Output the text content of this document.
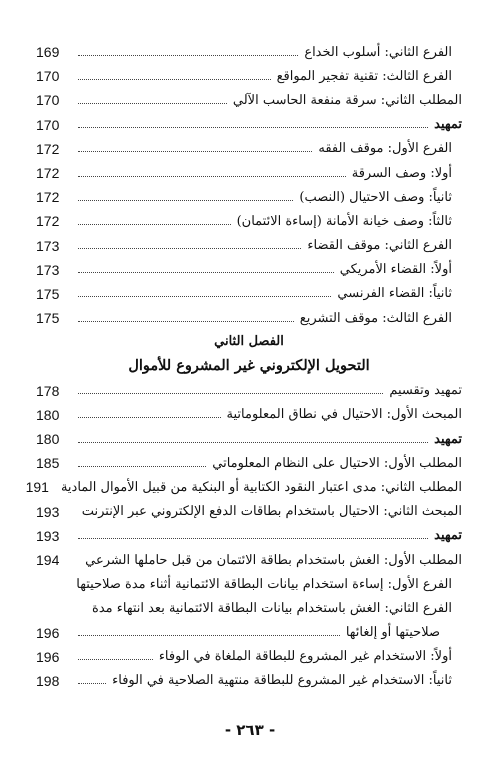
الفرع الثاني: أسلوب الخداع
169
الفرع الثالث: تقنية تفجير المواقع
170
المطلب الثاني: سرقة منفعة الحاسب الآلي
170
تمهيد
170
الفرع الأول: موقف الفقه
172
أولا: وصف السرقة
172
ثانياً: وصف الاحتيال (النصب)
172
ثالثاً: وصف خيانة الأمانة (إساءة الائتمان)
172
الفرع الثاني: موقف القضاء
173
أولاً: القضاء الأمريكي
173
ثانياً: القضاء الفرنسي
175
الفرع الثالث: موقف التشريع
175
الفصل الثاني
التحويل الإلكتروني غير المشروع للأموال
تمهيد وتقسيم
178
المبحث الأول: الاحتيال في نطاق المعلوماتية
180
تمهيد
180
المطلب الأول: الاحتيال على النظام المعلوماتي
185
المطلب الثاني: مدى اعتبار النقود الكتابية أو البنكية من قبيل الأموال المادية
191
المبحث الثاني: الاحتيال باستخدام بطاقات الدفع الإلكتروني عبر الإنترنت
193
تمهيد
193
المطلب الأول: الغش باستخدام بطاقة الائتمان من قبل حاملها الشرعي
194
الفرع الأول: إساءة استخدام بيانات البطاقة الائتمانية أثناء مدة صلاحيتها
الفرع الثاني: الغش باستخدام بيانات البطاقة الائتمانية بعد انتهاء مدة
صلاحيتها أو إلغائها
196
أولاً: الاستخدام غير المشروع للبطاقة الملغاة في الوفاء
196
ثانياً: الاستخدام غير المشروع للبطاقة منتهية الصلاحية في الوفاء
198
- ٢٦٣ -
